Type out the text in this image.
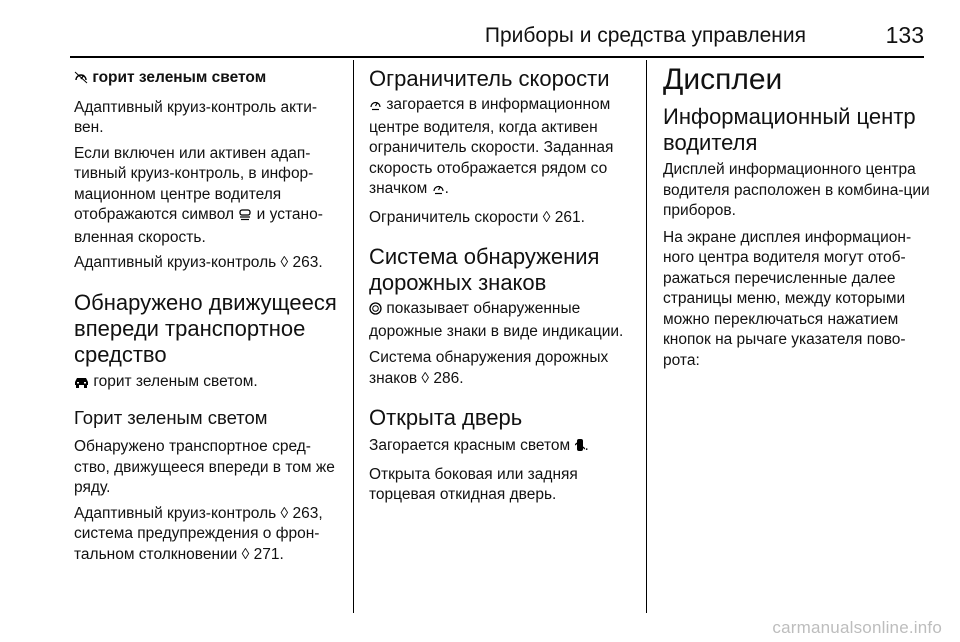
Приборы и средства управления	133

горит зеленым светом

Адаптивный круиз-контроль акти-вен.

Если включен или активен адап-тивный круиз-контроль, в инфор-мационном центре водителя отображаются символ и устано-вленная скорость.

Адаптивный круиз-контроль ◊ 263.

Обнаружено движущееся впереди транспортное средство

горит зеленым светом.

Горит зеленым светом

Обнаружено транспортное сред-ство, движущееся впереди в том же ряду.

Адаптивный круиз-контроль ◊ 263, система предупреждения о фрон-тальном столкновении ◊ 271.

Ограничитель скорости

загорается в информационном центре водителя, когда активен ограничитель скорости. Заданная скорость отображается рядом со значком .

Ограничитель скорости ◊ 261.

Система обнаружения дорожных знаков

показывает обнаруженные дорожные знаки в виде индикации.

Система обнаружения дорожных знаков ◊ 286.

Открыта дверь

Загорается красным светом .

Открыта боковая или задняя торцевая откидная дверь.

Дисплеи
Информационный центр водителя

Дисплей информационного центра водителя расположен в комбина-ции приборов.

На экране дисплея информацион-ного центра водителя могут отоб-ражаться перечисленные далее страницы меню, между которыми можно переключаться нажатием кнопок на рычаге указателя пово-рота:

carmanualsonline.info
